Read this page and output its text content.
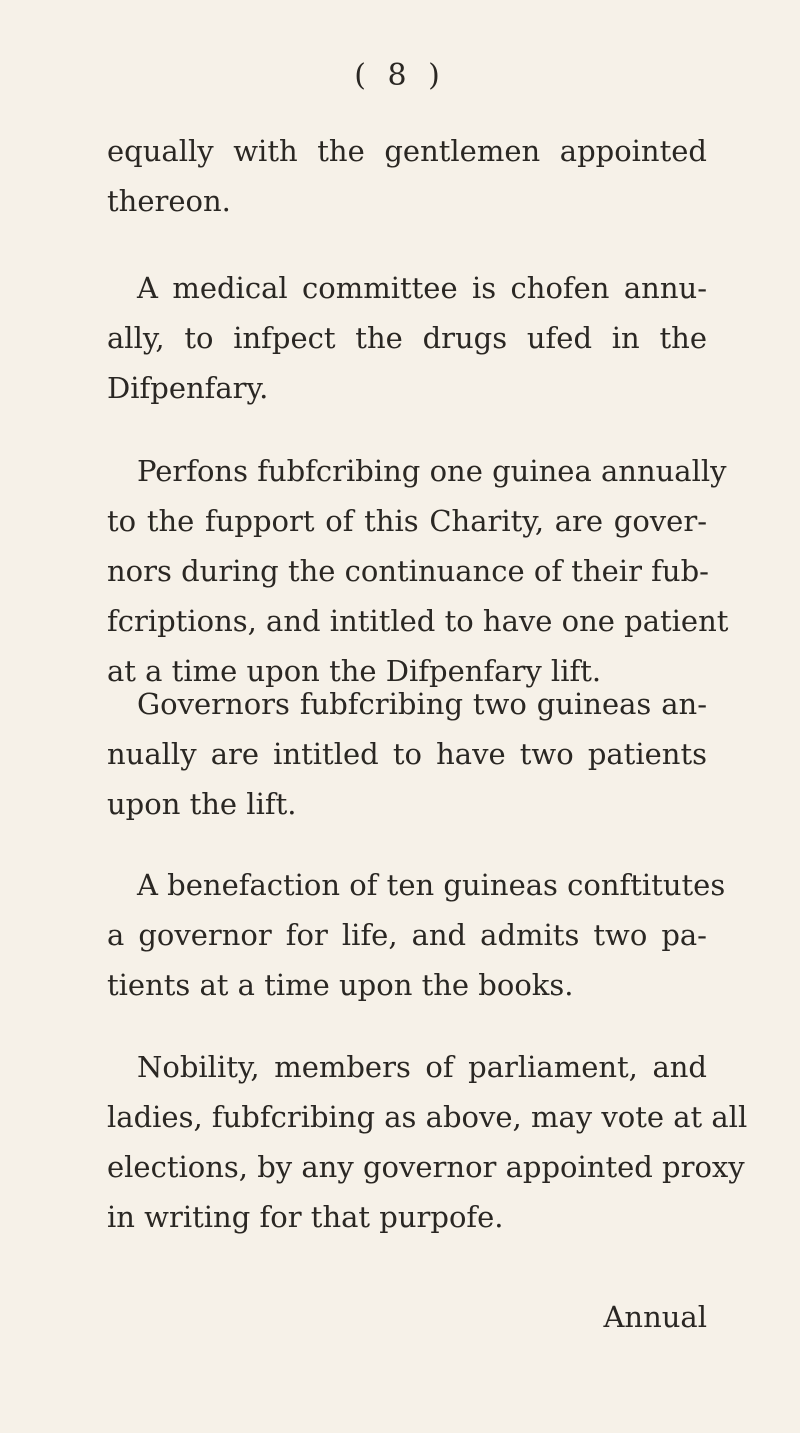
( 8 )
equally with the gentlemen appointed
thereon.
A medical committee is chofen annu-
ally, to infpect the drugs ufed in the
Difpenfary.
Perfons fubfcribing one guinea annually
to the fupport of this Charity, are gover-
nors during the continuance of their fub-
fcriptions, and intitled to have one patient
at a time upon the Difpenfary lift.
Governors fubfcribing two guineas an-
nually are intitled to have two patients
upon the lift.
A benefaction of ten guineas conftitutes
a governor for life, and admits two pa-
tients at a time upon the books.
Nobility, members of parliament, and
ladies, fubfcribing as above, may vote at all
elections, by any governor appointed proxy
in writing for that purpofe.
Annual
